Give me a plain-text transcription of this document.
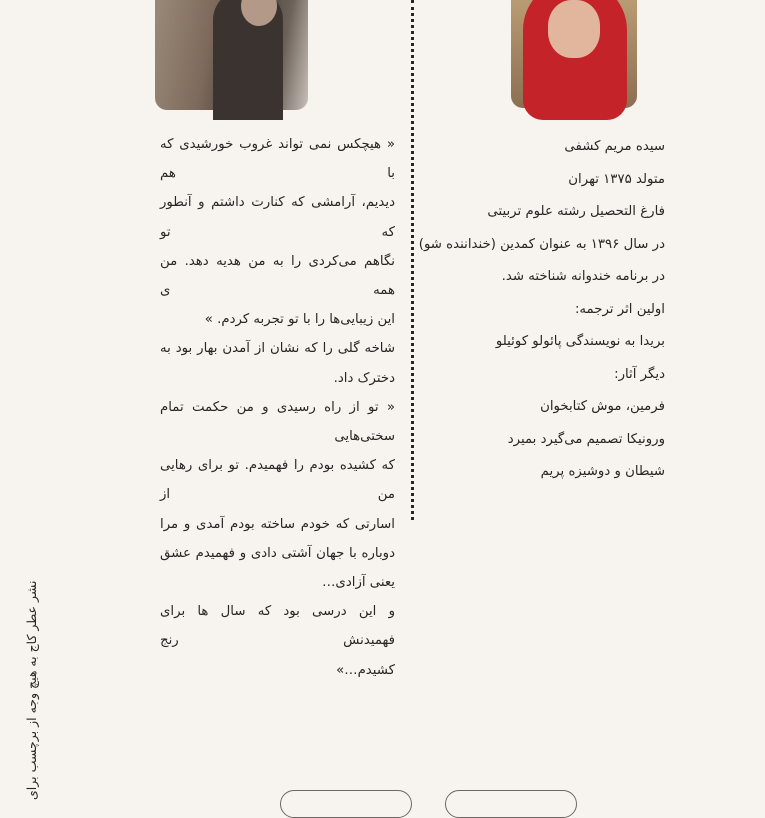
« هیچکس نمی تواند غروب خورشیدی که با هم
دیدیم، آرامشی که کنارت داشتم و آنطور که تو
نگاهم می‌کردی را به من هدیه دهد. من همه ی
این زیبایی‌ها را با تو تجربه کردم. »
شاخه گلی را که نشان از آمدن بهار بود به
دخترک داد.
« تو از راه رسیدی و من حکمت تمام سختی‌هایی
که کشیده بودم را فهمیدم. تو برای رهایی من از
اسارتی که خودم ساخته بودم آمدی و مرا
دوباره با جهان آشتی دادی و فهمیدم عشق
یعنی آزادی…
و این درسی بود که سال ها برای فهمیدنش رنج
کشیدم…»
سیده مریم کشفی
متولد ۱۳۷۵ تهران
فارغ التحصیل رشته علوم تربیتی
در سال ۱۳۹۶ به عنوان کمدین (خنداننده شو)
در برنامه خندوانه شناخته شد.
اولین اثر ترجمه:
بریدا به نویسندگی پائولو کوئیلو
دیگر آثار:
فرمین، موش کتابخوان
ورونیکا تصمیم می‌گیرد بمیرد
شیطان و دوشیزه پریم
نشر عطر کاج به هیچ وجه از برچسب برای
